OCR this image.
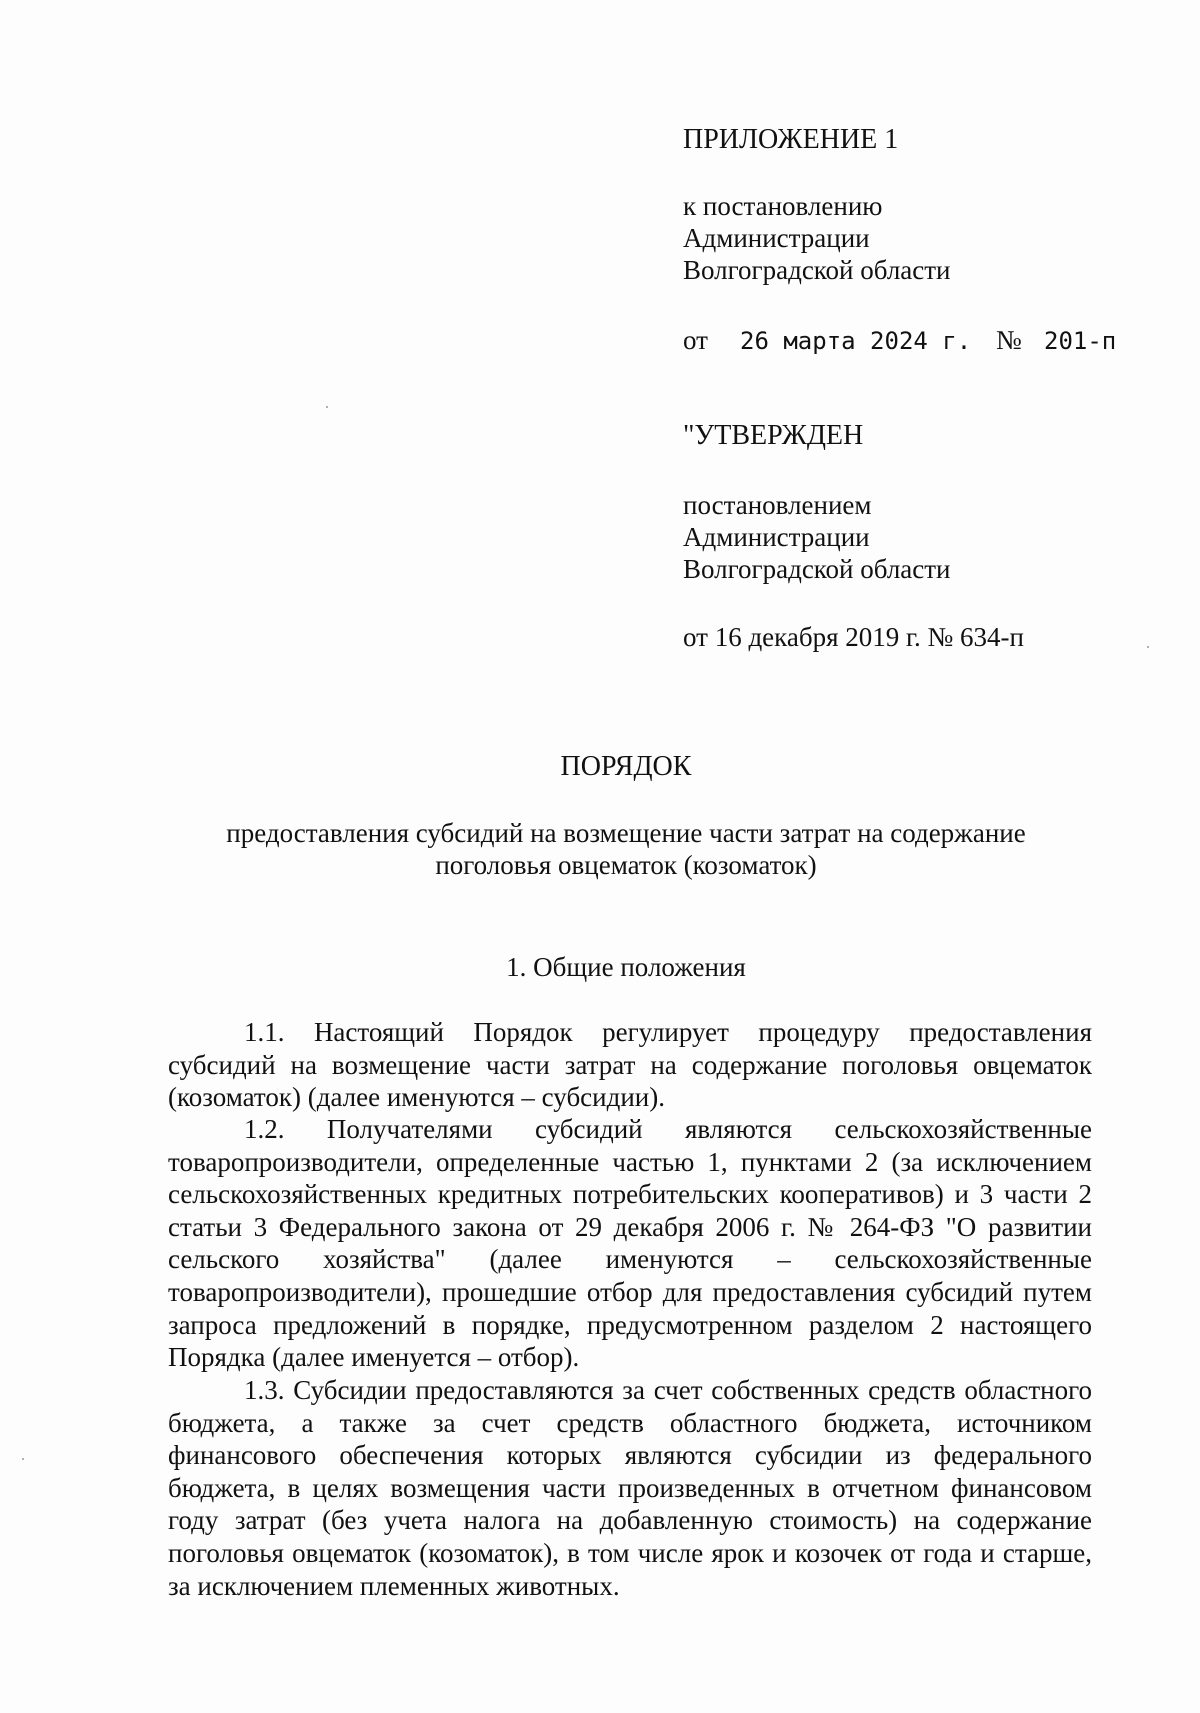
ПРИЛОЖЕНИЕ 1
к постановлению
Администрации
Волгоградской области
от 26 марта 2024 г. № 201-п
"УТВЕРЖДЕН
постановлением
Администрации
Волгоградской области
от 16 декабря 2019 г. № 634-п
ПОРЯДОК
предоставления субсидий на возмещение части затрат на содержание
поголовья овцематок (козоматок)
1. Общие положения
1.1. Настоящий Порядок регулирует процедуру предоставления субсидий на возмещение части затрат на содержание поголовья овцематок (козоматок) (далее именуются – субсидии).
1.2. Получателями субсидий являются сельскохозяйственные товаропроизводители, определенные частью 1, пунктами 2 (за исключением сельскохозяйственных кредитных потребительских кооперативов) и 3 части 2 статьи 3 Федерального закона от 29 декабря 2006 г. № 264-ФЗ "О развитии сельского хозяйства" (далее именуются – сельскохозяйственные товаропроизводители), прошедшие отбор для предоставления субсидий путем запроса предложений в порядке, предусмотренном разделом 2 настоящего Порядка (далее именуется – отбор).
1.3. Субсидии предоставляются за счет собственных средств областного бюджета, а также за счет средств областного бюджета, источником финансового обеспечения которых являются субсидии из федерального бюджета, в целях возмещения части произведенных в отчетном финансовом году затрат (без учета налога на добавленную стоимость) на содержание поголовья овцематок (козоматок), в том числе ярок и козочек от года и старше, за исключением племенных животных.
